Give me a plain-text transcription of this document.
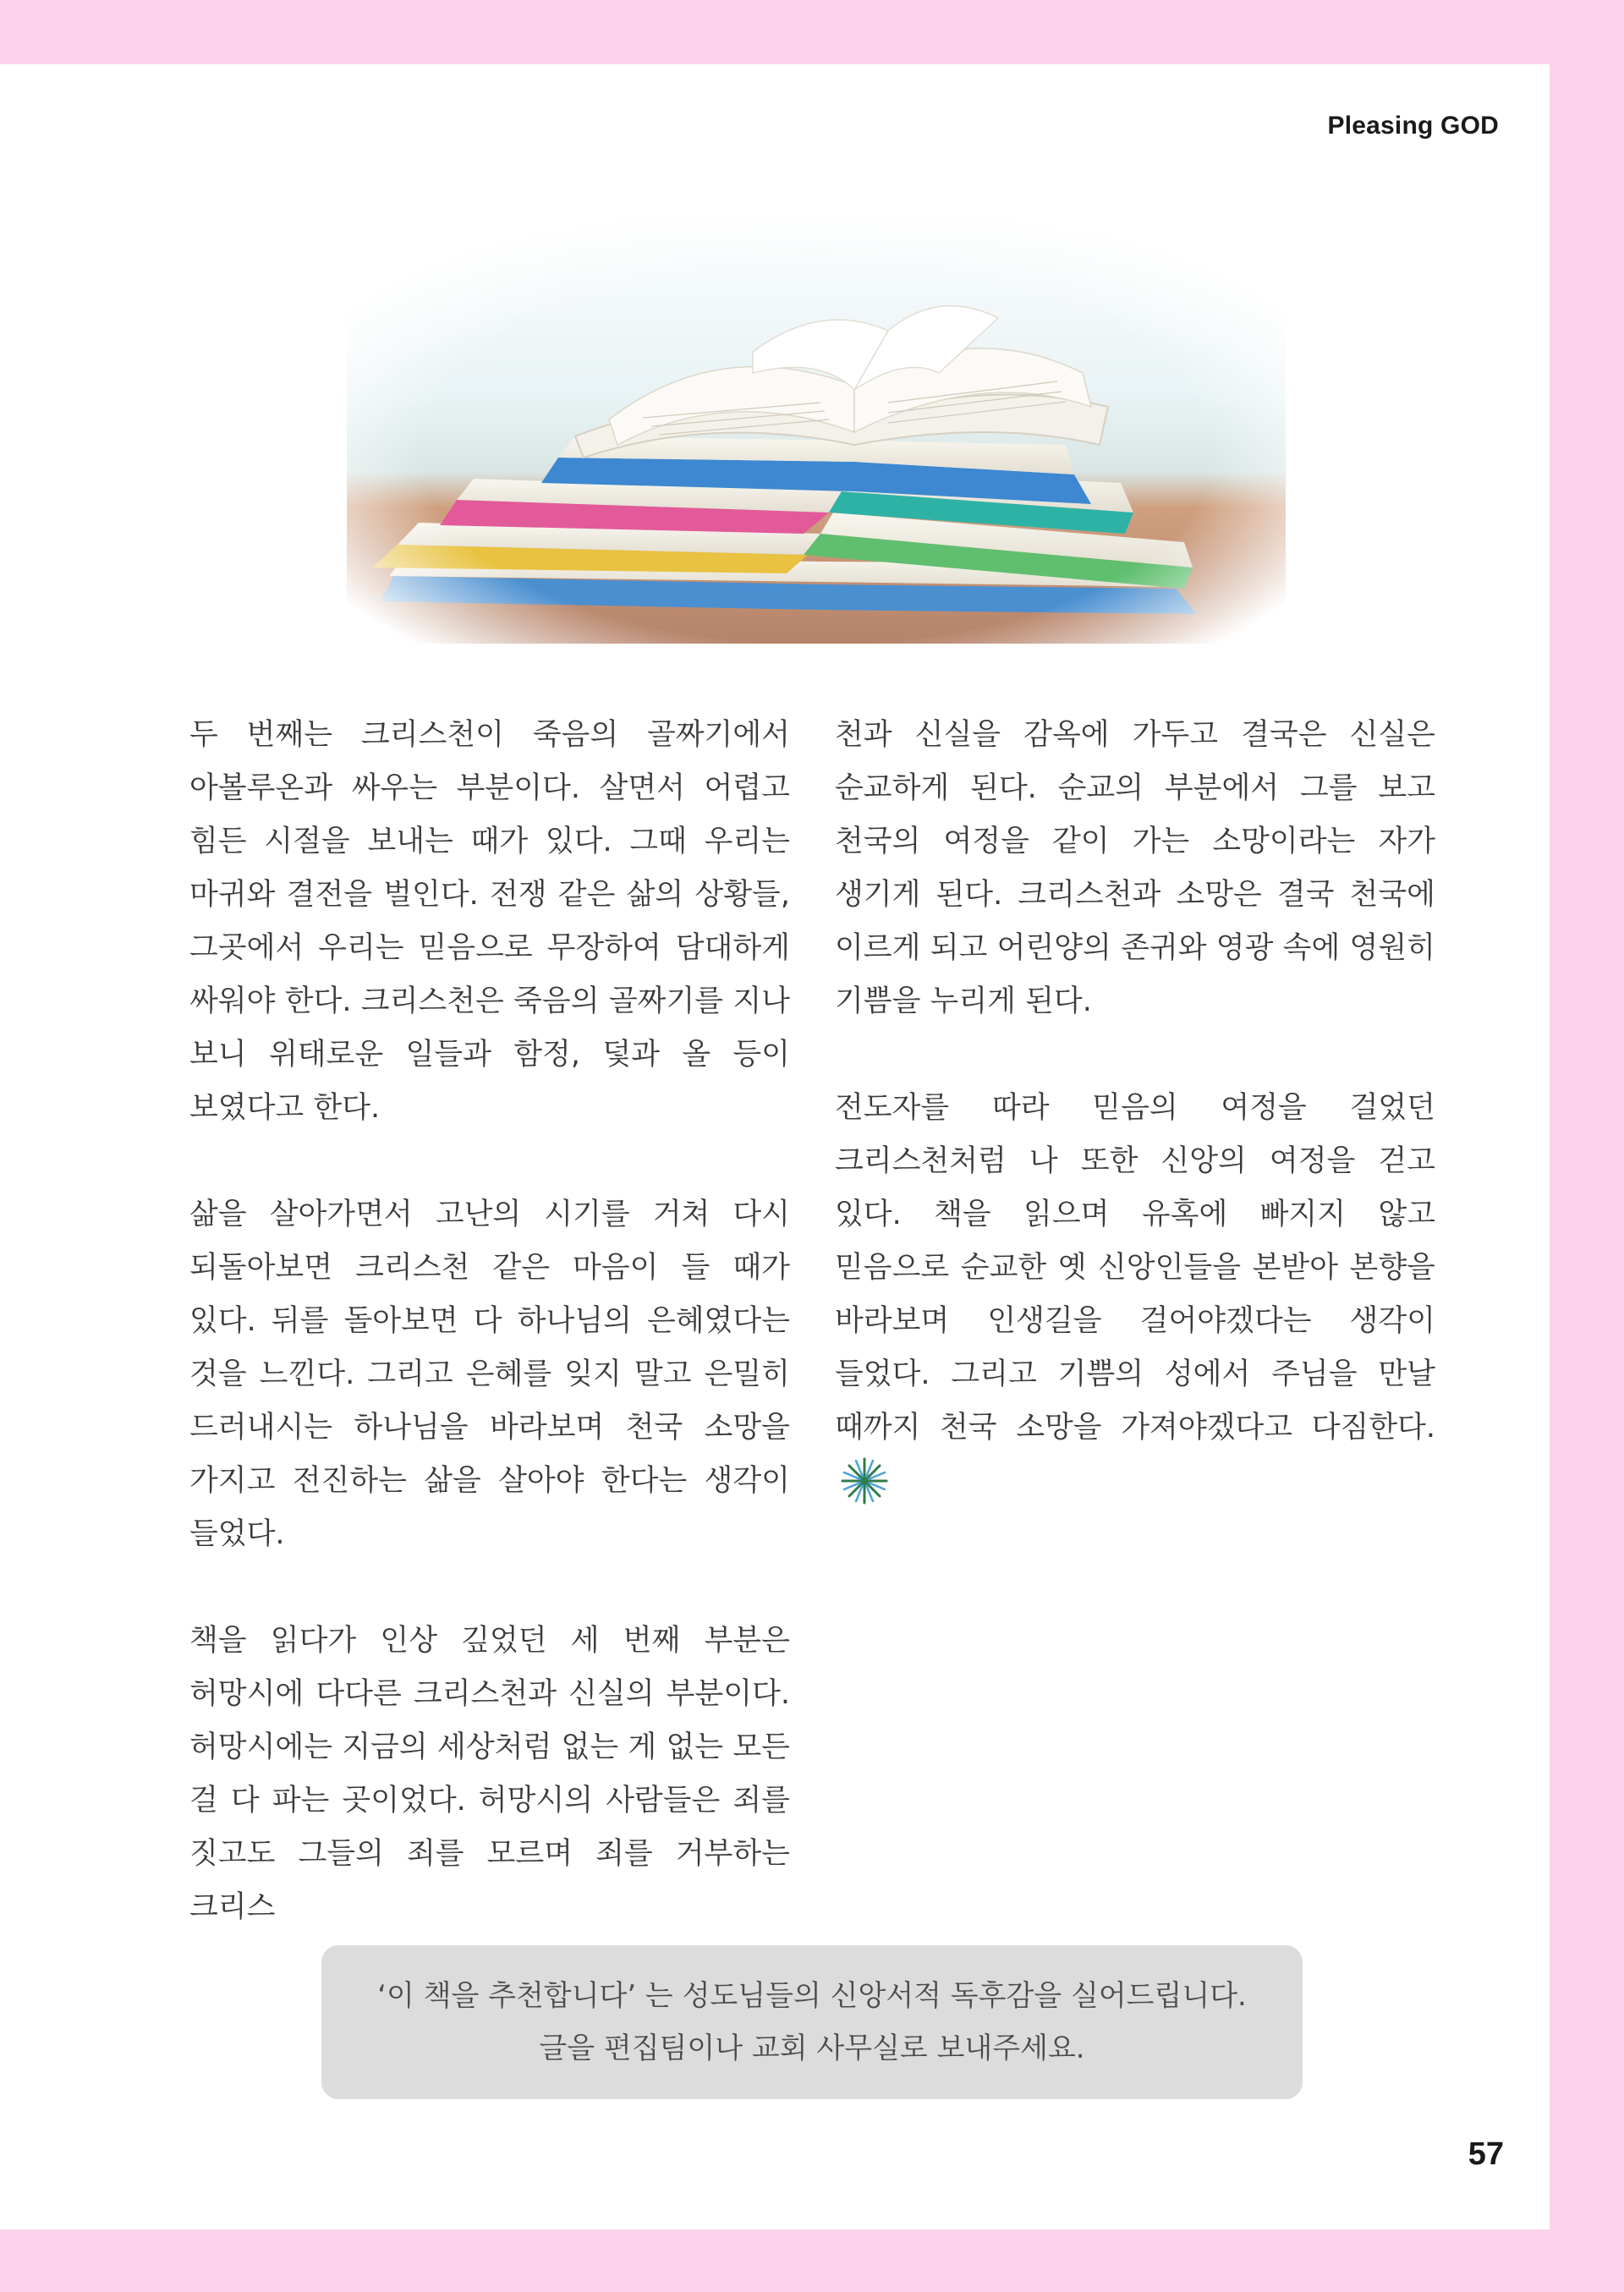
Pleasing GOD

두 번째는 크리스천이 죽음의 골짜기에서 아볼루온과 싸우는 부분이다. 살면서 어렵고 힘든 시절을 보내는 때가 있다. 그때 우리는 마귀와 결전을 벌인다. 전쟁 같은 삶의 상황들, 그곳에서 우리는 믿음으로 무장하여 담대하게 싸워야 한다. 크리스천은 죽음의 골짜기를 지나 보니 위태로운 일들과 함정, 덫과 올 등이 보였다고 한다.

삶을 살아가면서 고난의 시기를 거쳐 다시 되돌아보면 크리스천 같은 마음이 들 때가 있다. 뒤를 돌아보면 다 하나님의 은혜였다는 것을 느낀다. 그리고 은혜를 잊지 말고 은밀히 드러내시는 하나님을 바라보며 천국 소망을 가지고 전진하는 삶을 살아야 한다는 생각이 들었다.

책을 읽다가 인상 깊었던 세 번째 부분은 허망시에 다다른 크리스천과 신실의 부분이다. 허망시에는 지금의 세상처럼 없는 게 없는 모든 걸 다 파는 곳이었다. 허망시의 사람들은 죄를 짓고도 그들의 죄를 모르며 죄를 거부하는 크리스

천과 신실을 감옥에 가두고 결국은 신실은 순교하게 된다. 순교의 부분에서 그를 보고 천국의 여정을 같이 가는 소망이라는 자가 생기게 된다. 크리스천과 소망은 결국 천국에 이르게 되고 어린양의 존귀와 영광 속에 영원히 기쁨을 누리게 된다.

전도자를 따라 믿음의 여정을 걸었던 크리스천처럼 나 또한 신앙의 여정을 걷고 있다. 책을 읽으며 유혹에 빠지지 않고 믿음으로 순교한 옛 신앙인들을 본받아 본향을 바라보며 인생길을 걸어야겠다는 생각이 들었다. 그리고 기쁨의 성에서 주님을 만날 때까지 천국 소망을 가져야겠다고 다짐한다.

‘이 책을 추천합니다’ 는 성도님들의 신앙서적 독후감을 실어드립니다.
글을 편집팀이나 교회 사무실로 보내주세요.
57
